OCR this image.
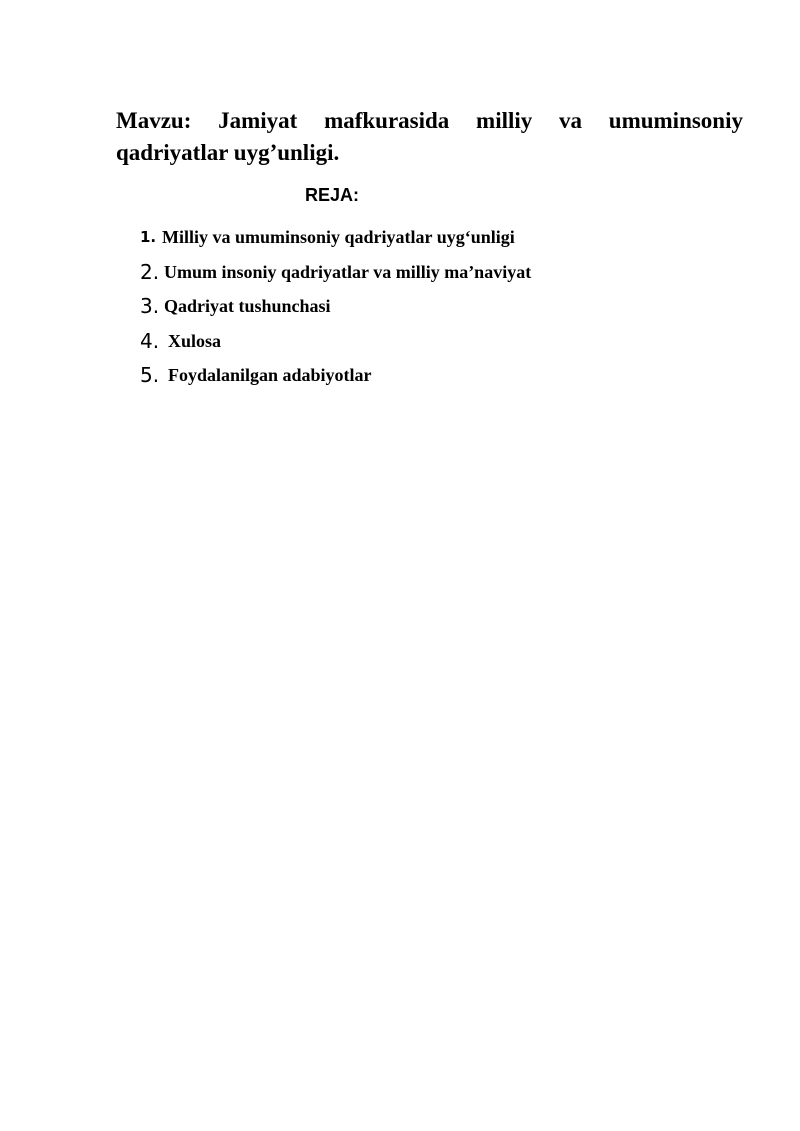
Mavzu: Jamiyat mafkurasida milliy va umuminsoniy qadriyatlar uyg’unligi.

REJA:

1. Milliy va umuminsoniy qadriyatlar uyg‘unligi
2. Umum insoniy qadriyatlar va milliy ma’naviyat
3. Qadriyat tushunchasi
4. Xulosa
5. Foydalanilgan adabiyotlar
